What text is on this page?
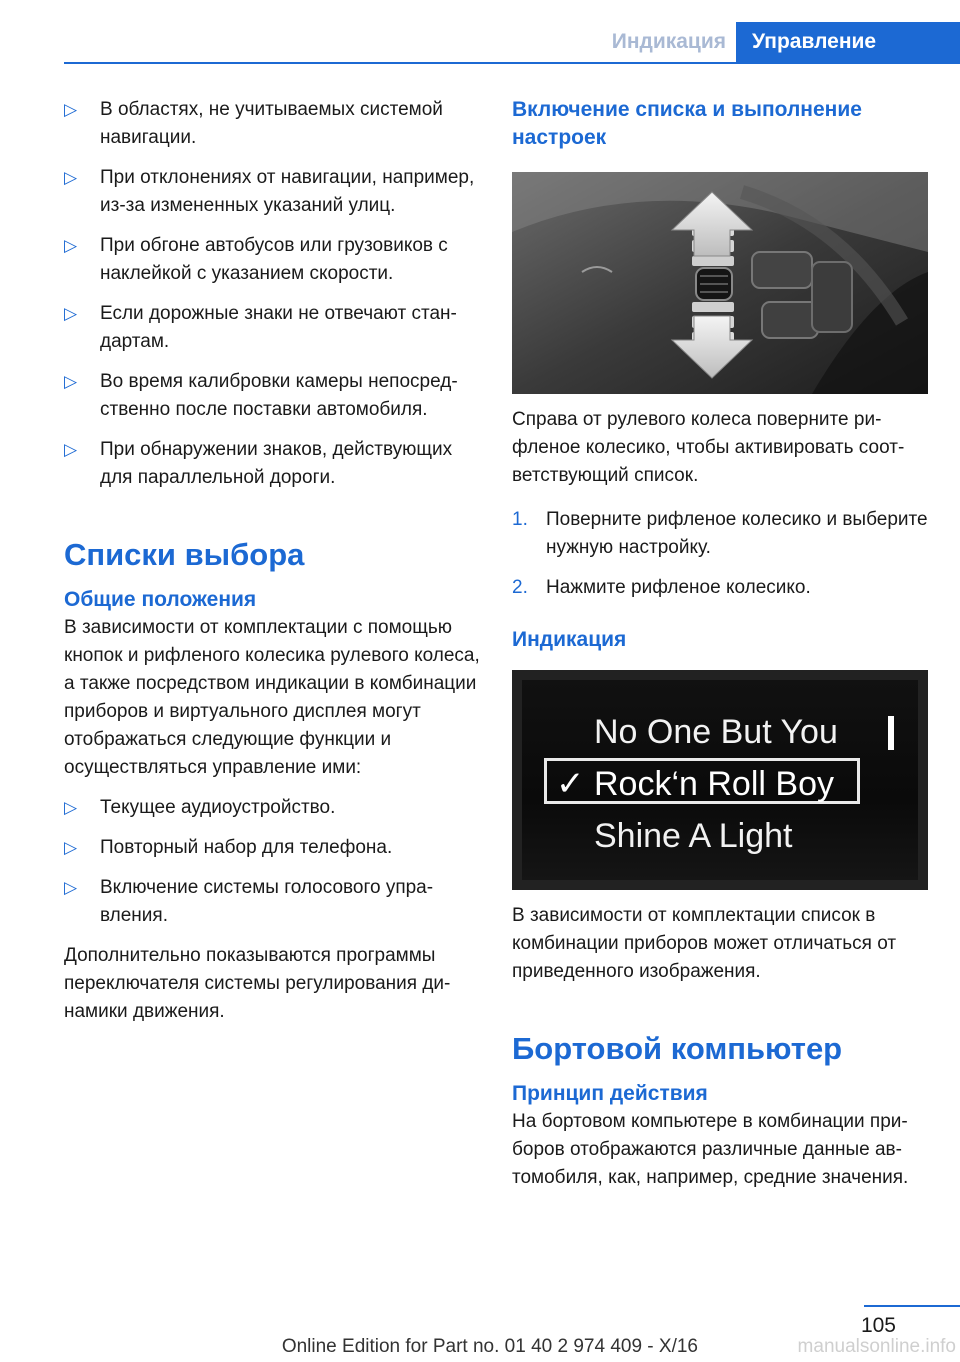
Индикация	Управление
▷ В областях, не учитываемых системой навигации.
▷ При отклонениях от навигации, например, из-за измененных указаний улиц.
▷ При обгоне автобусов или грузовиков с наклейкой с указанием скорости.
▷ Если дорожные знаки не отвечают стандартам.
▷ Во время калибровки камеры непосредственно после поставки автомобиля.
▷ При обнаружении знаков, действующих для параллельной дороги.
Списки выбора
Общие положения

В зависимости от комплектации с помощью кнопок и рифленого колесика рулевого колеса, а также посредством индикации в комбинации приборов и виртуального дисплея могут отображаться следующие функции и осуществляться управление ими:

▷ Текущее аудиоустройство.
▷ Повторный набор для телефона.
▷ Включение системы голосового управления.

Дополнительно показываются программы переключателя системы регулирования динамики движения.

Включение списка и выполнение настроек

Справа от рулевого колеса поверните рифленое колесико, чтобы активировать соответствующий список.

1. Поверните рифленое колесико и выберите нужную настройку.
2. Нажмите рифленое колесико.
Индикация
No One But You
✓ Rock‘n Roll Boy
Shine A Light

В зависимости от комплектации список в комбинации приборов может отличаться от приведенного изображения.

Бортовой компьютер
Принцип действия

На бортовом компьютере в комбинации приборов отображаются различные данные автомобиля, как, например, средние значения.

105
Online Edition for Part no. 01 40 2 974 409 - X/16	manualsonline.info
